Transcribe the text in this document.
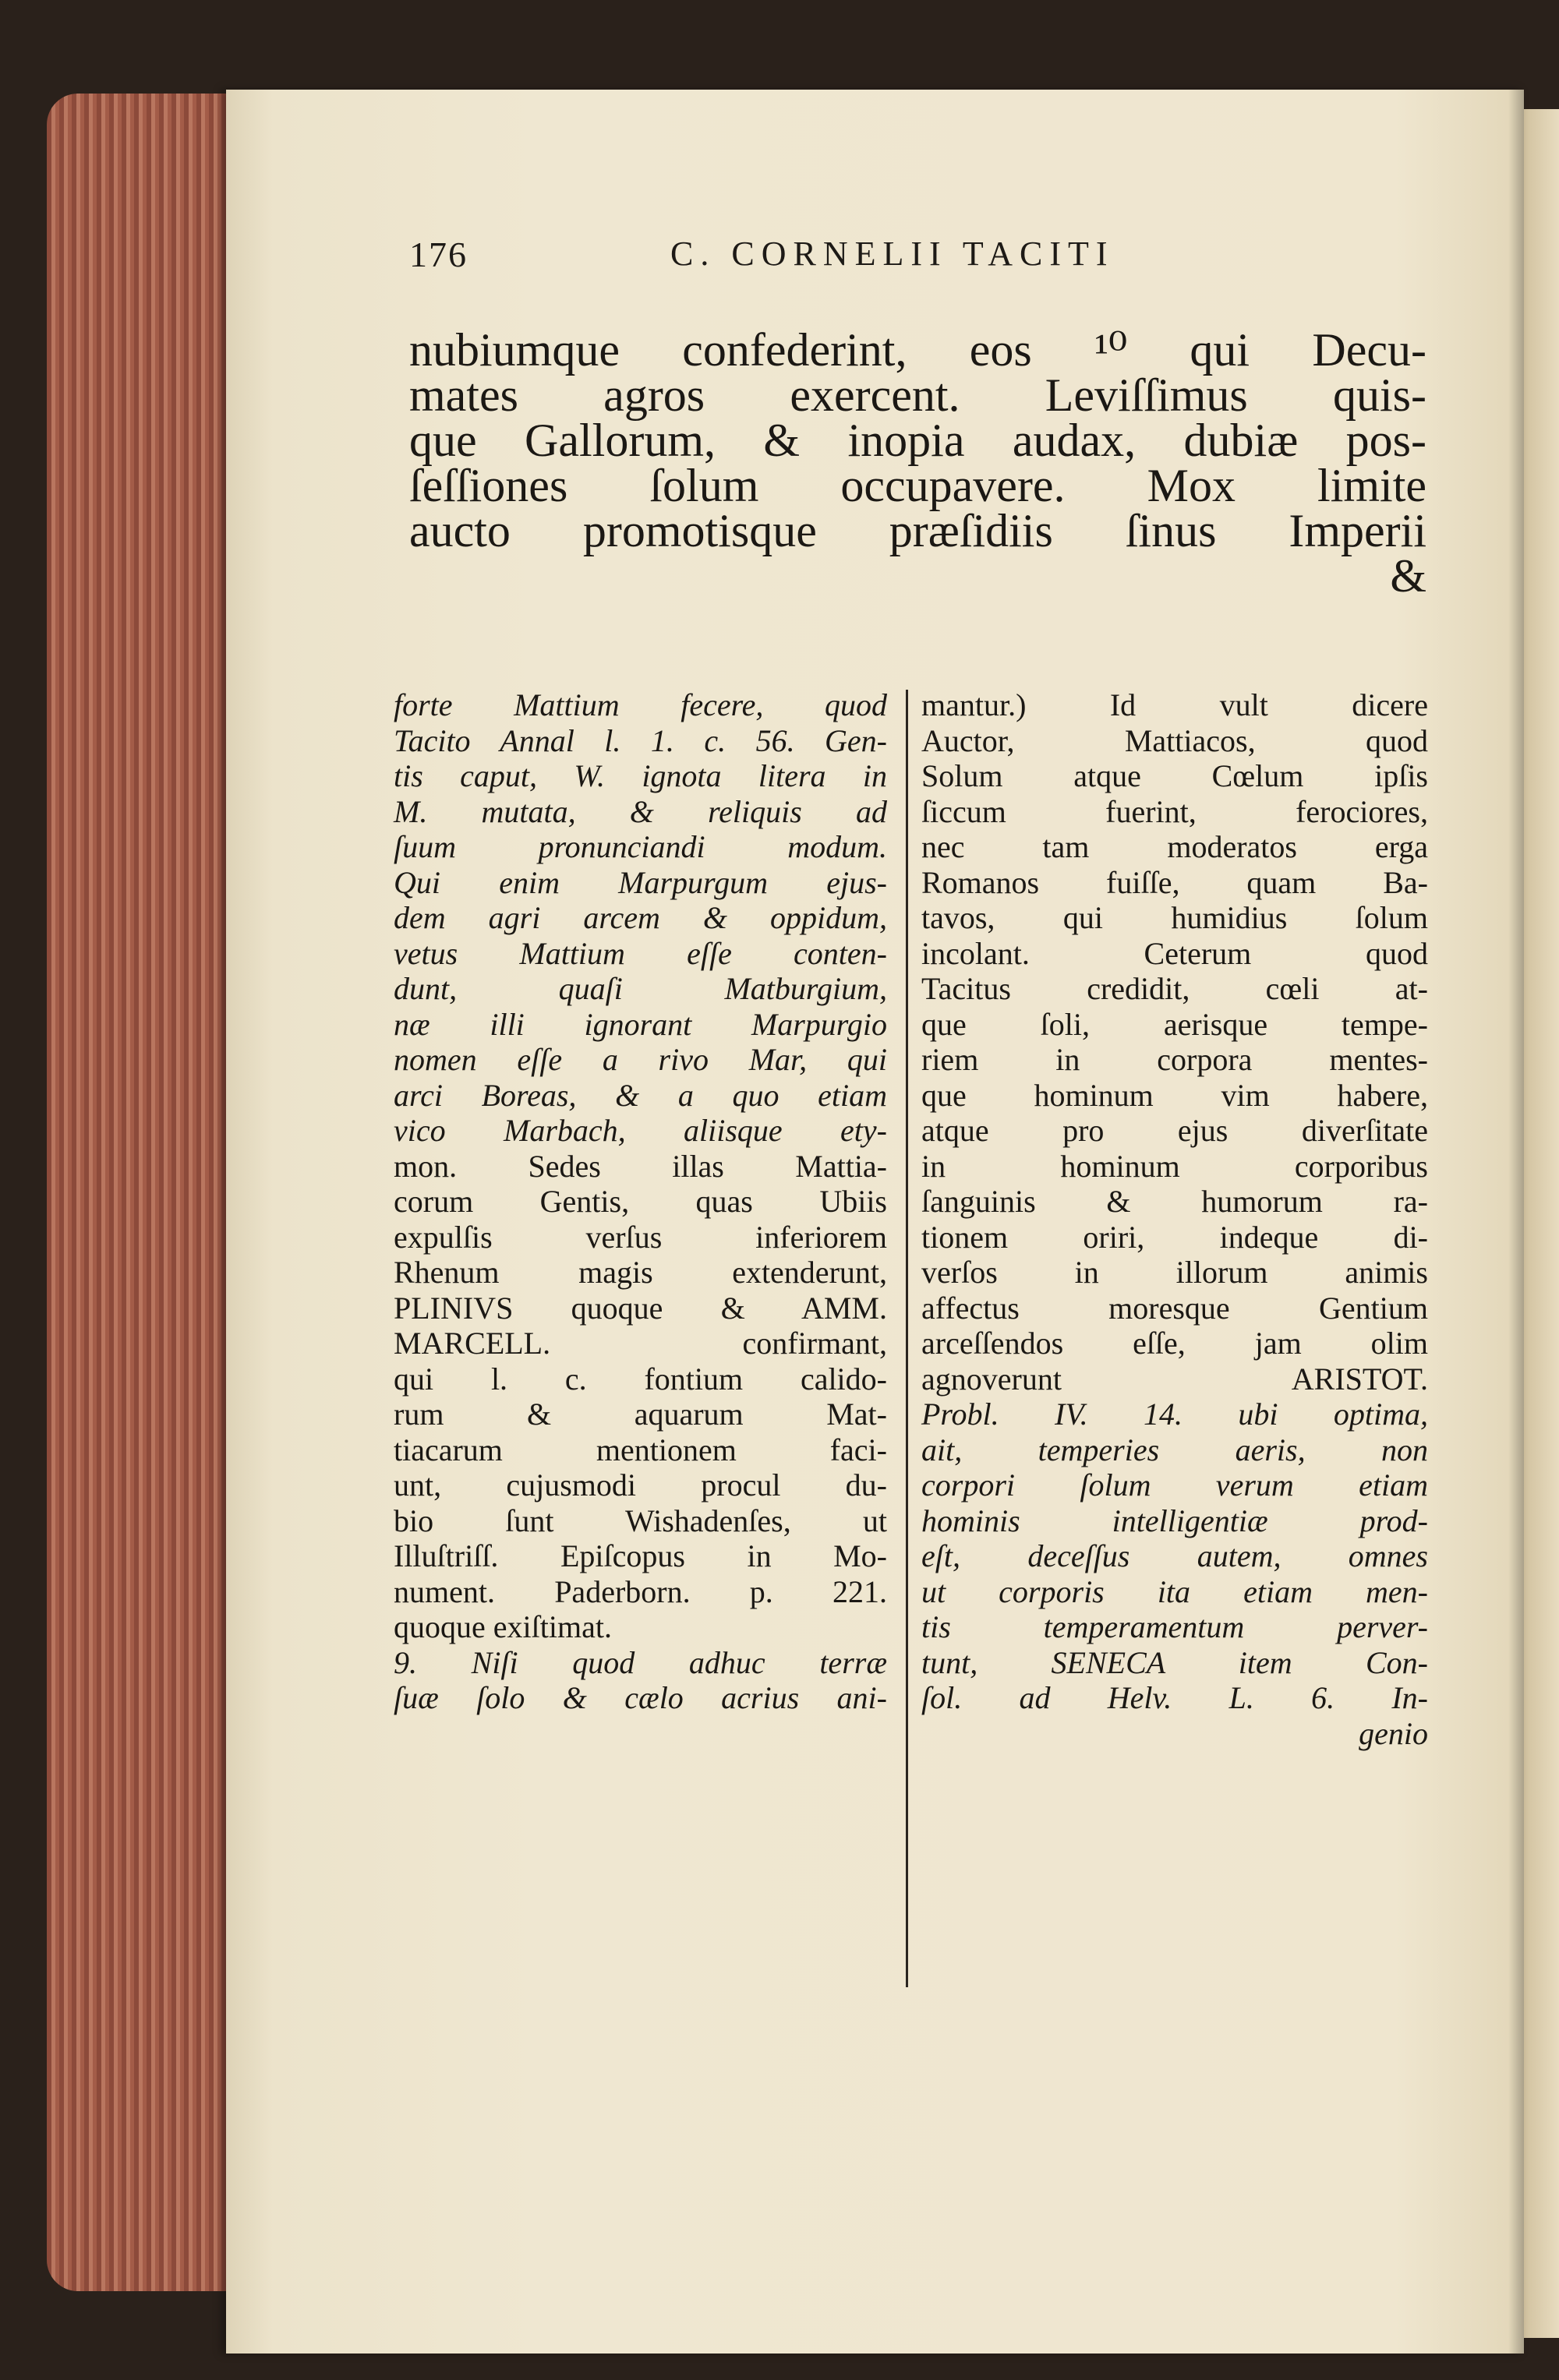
176	C. CORNELII TACITI
nubiumque confederint, eos ¹⁰ qui Decu-
mates agros exercent. Leviſſimus quis-
que Gallorum, & inopia audax, dubiæ pos-
ſeſſiones ſolum occupavere. Mox limite
aucto promotisque præſidiis ſinus Imperii
&
forte Mattium fecere, quod
Tacito Annal l. 1. c. 56. Gen-
tis caput, W. ignota litera in
M. mutata, & reliquis ad
ſuum pronunciandi modum.
Qui enim Marpurgum ejus-
dem agri arcem & oppidum,
vetus Mattium eſſe conten-
dunt, quaſi Matburgium,
næ illi ignorant Marpurgio
nomen eſſe a rivo Mar, qui
arci Boreas, & a quo etiam
vico Marbach, aliisque ety-
mon. Sedes illas Mattia-
corum Gentis, quas Ubiis
expulſis verſus inferiorem
Rhenum magis extenderunt,
PLINIVS quoque & AMM.
MARCELL. confirmant,
qui l. c. fontium calido-
rum & aquarum Mat-
tiacarum mentionem faci-
unt, cujusmodi procul du-
bio ſunt Wishadenſes, ut
Illuſtriſſ. Epiſcopus in Mo-
nument. Paderborn. p. 221.
quoque exiſtimat.
9. Niſi quod adhuc terræ
ſuæ ſolo & cælo acrius ani-
mantur.) Id vult dicere
Auctor, Mattiacos, quod
Solum atque Cœlum ipſis
ſiccum fuerint, ferociores,
nec tam moderatos erga
Romanos fuiſſe, quam Ba-
tavos, qui humidius ſolum
incolant. Ceterum quod
Tacitus credidit, cœli at-
que ſoli, aerisque tempe-
riem in corpora mentes-
que hominum vim habere,
atque pro ejus diverſitate
in hominum corporibus
ſanguinis & humorum ra-
tionem oriri, indeque di-
verſos in illorum animis
affectus moresque Gentium
arceſſendos eſſe, jam olim
agnoverunt ARISTOT.
Probl. IV. 14. ubi optima,
ait, temperies aeris, non
corpori ſolum verum etiam
hominis intelligentiæ prod-
eſt, deceſſus autem, omnes
ut corporis ita etiam men-
tis temperamentum perver-
tunt, SENECA item Con-
ſol. ad Helv. L. 6. In-
genio
